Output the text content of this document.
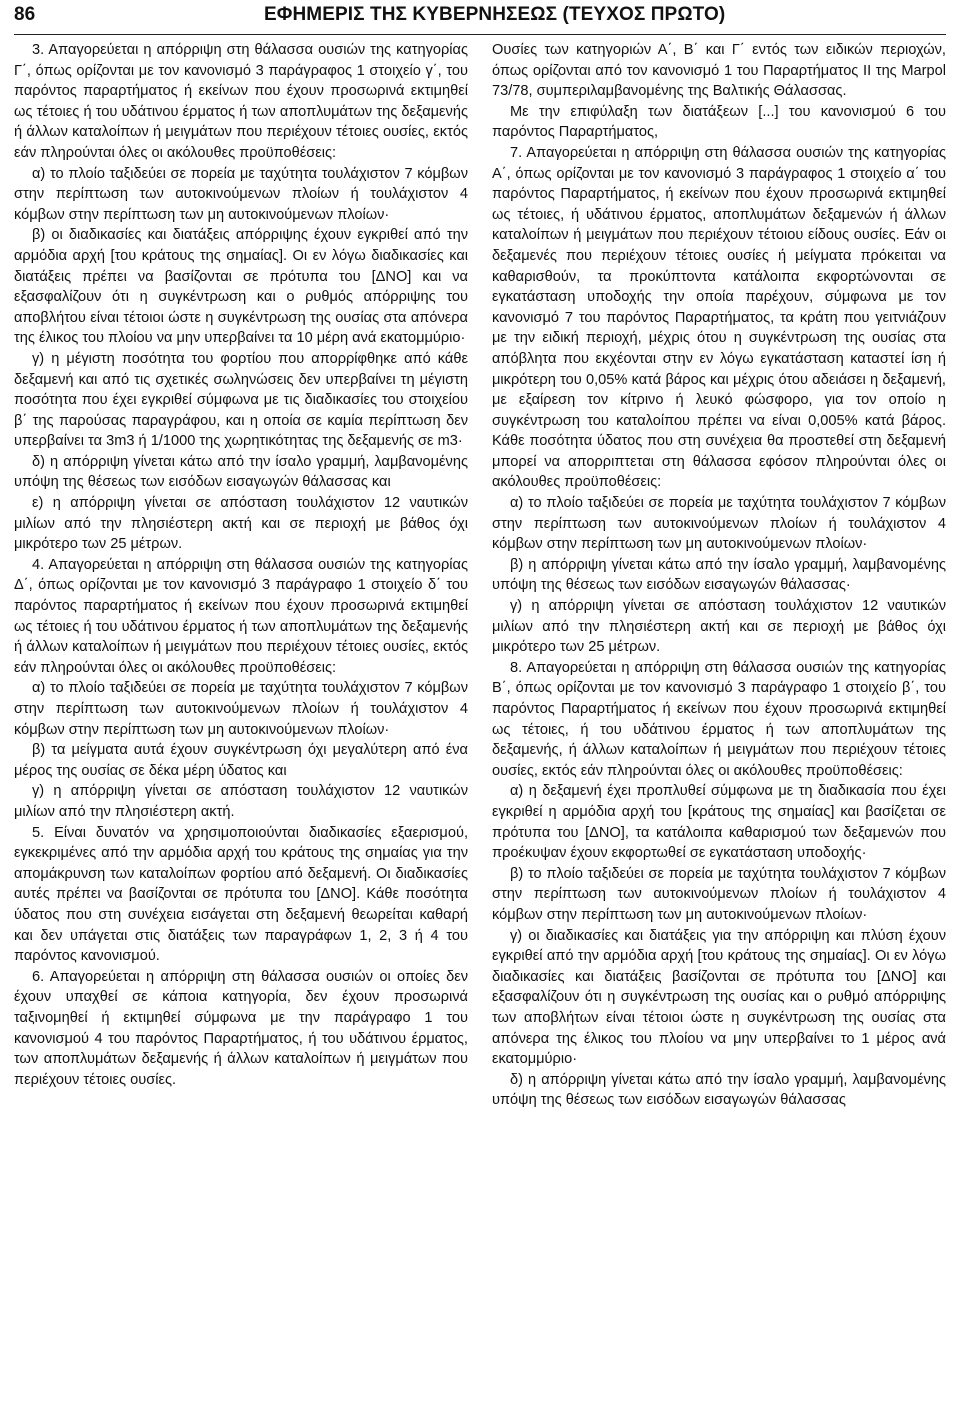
86	ΕΦΗΜΕΡΙΣ ΤΗΣ ΚΥΒΕΡΝΗΣΕΩΣ (ΤΕΥΧΟΣ ΠΡΩΤΟ)

3. Απαγορεύεται η απόρριψη στη θάλασσα ουσιών της κατηγορίας Γ΄, όπως ορίζονται με τον κανονισμό 3 παράγραφος 1 στοιχείο γ΄, του παρόντος παραρτήματος ή εκείνων που έχουν προσωρινά εκτιμηθεί ως τέτοιες ή του υδάτινου έρματος ή των αποπλυμάτων της δεξαμενής ή άλλων καταλοίπων ή μειγμάτων που περιέχουν τέτοιες ουσίες, εκτός εάν πληρούνται όλες οι ακόλουθες προϋποθέσεις:

α) το πλοίο ταξιδεύει σε πορεία με ταχύτητα τουλάχιστον 7 κόμβων στην περίπτωση των αυτοκινούμενων πλοίων ή τουλάχιστον 4 κόμβων στην περίπτωση των μη αυτοκινούμενων πλοίων·

β) οι διαδικασίες και διατάξεις απόρριψης έχουν εγκριθεί από την αρμόδια αρχή [του κράτους της σημαίας]. Οι εν λόγω διαδικασίες και διατάξεις πρέπει να βασίζονται σε πρότυπα του [ΔΝΟ] και να εξασφαλίζουν ότι η συγκέντρωση και ο ρυθμός απόρριψης του αποβλήτου είναι τέτοιοι ώστε η συγκέντρωση της ουσίας στα απόνερα της έλικος του πλοίου να μην υπερβαίνει τα 10 μέρη ανά εκατομμύριο·

γ) η μέγιστη ποσότητα του φορτίου που απορρίφθηκε από κάθε δεξαμενή και από τις σχετικές σωληνώσεις δεν υπερβαίνει τη μέγιστη ποσότητα που έχει εγκριθεί σύμφωνα με τις διαδικασίες του στοιχείου β΄ της παρούσας παραγράφου, και η οποία σε καμία περίπτωση δεν υπερβαίνει τα 3m3 ή 1/1000 της χωρητικότητας της δεξαμενής σε m3·

δ) η απόρριψη γίνεται κάτω από την ίσαλο γραμμή, λαμβανομένης υπόψη της θέσεως των εισόδων εισαγωγών θάλασσας και

ε) η απόρριψη γίνεται σε απόσταση τουλάχιστον 12 ναυτικών μιλίων από την πλησιέστερη ακτή και σε περιοχή με βάθος όχι μικρότερο των 25 μέτρων.

4. Απαγορεύεται η απόρριψη στη θάλασσα ουσιών της κατηγορίας Δ΄, όπως ορίζονται με τον κανονισμό 3 παράγραφο 1 στοιχείο δ΄ του παρόντος παραρτήματος ή εκείνων που έχουν προσωρινά εκτιμηθεί ως τέτοιες ή του υδάτινου έρματος ή των αποπλυμάτων της δεξαμενής ή άλλων καταλοίπων ή μειγμάτων που περιέχουν τέτοιες ουσίες, εκτός εάν πληρούνται όλες οι ακόλουθες προϋποθέσεις:

α) το πλοίο ταξιδεύει σε πορεία με ταχύτητα τουλάχιστον 7 κόμβων στην περίπτωση των αυτοκινούμενων πλοίων ή τουλάχιστον 4 κόμβων στην περίπτωση των μη αυτοκινούμενων πλοίων·

β) τα μείγματα αυτά έχουν συγκέντρωση όχι μεγαλύτερη από ένα μέρος της ουσίας σε δέκα μέρη ύδατος και

γ) η απόρριψη γίνεται σε απόσταση τουλάχιστον 12 ναυτικών μιλίων από την πλησιέστερη ακτή.

5. Είναι δυνατόν να χρησιμοποιούνται διαδικασίες εξαερισμού, εγκεκριμένες από την αρμόδια αρχή του κράτους της σημαίας για την απομάκρυνση των καταλοίπων φορτίου από δεξαμενή. Οι διαδικασίες αυτές πρέπει να βασίζονται σε πρότυπα του [ΔΝΟ]. Κάθε ποσότητα ύδατος που στη συνέχεια εισάγεται στη δεξαμενή θεωρείται καθαρή και δεν υπάγεται στις διατάξεις των παραγράφων 1, 2, 3 ή 4 του παρόντος κανονισμού.

6. Απαγορεύεται η απόρριψη στη θάλασσα ουσιών οι οποίες δεν έχουν υπαχθεί σε κάποια κατηγορία, δεν έχουν προσωρινά ταξινομηθεί ή εκτιμηθεί σύμφωνα με την παράγραφο 1 του κανονισμού 4 του παρόντος Παραρτήματος, ή του υδάτινου έρματος, των αποπλυμάτων δεξαμενής ή άλλων καταλοίπων ή μειγμάτων που περιέχουν τέτοιες ουσίες.

Ουσίες των κατηγοριών Α΄, Β΄ και Γ΄ εντός των ειδικών περιοχών, όπως ορίζονται από τον κανονισμό 1 του Παραρτήματος ΙΙ της Marpol 73/78, συμπεριλαμβανομένης της Βαλτικής Θάλασσας.

Με την επιφύλαξη των διατάξεων [...] του κανονισμού 6 του παρόντος Παραρτήματος,

7. Απαγορεύεται η απόρριψη στη θάλασσα ουσιών της κατηγορίας Α΄, όπως ορίζονται με τον κανονισμό 3 παράγραφος 1 στοιχείο α΄ του παρόντος Παραρτήματος, ή εκείνων που έχουν προσωρινά εκτιμηθεί ως τέτοιες, ή υδάτινου έρματος, αποπλυμάτων δεξαμενών ή άλλων καταλοίπων ή μειγμάτων που περιέχουν τέτοιου είδους ουσίες. Εάν οι δεξαμενές που περιέχουν τέτοιες ουσίες ή μείγματα πρόκειται να καθαρισθούν, τα προκύπτοντα κατάλοιπα εκφορτώνονται σε εγκατάσταση υποδοχής την οποία παρέχουν, σύμφωνα με τον κανονισμό 7 του παρόντος Παραρτήματος, τα κράτη που γειτνιάζουν με την ειδική περιοχή, μέχρις ότου η συγκέντρωση της ουσίας στα απόβλητα που εκχέονται στην εν λόγω εγκατάσταση καταστεί ίση ή μικρότερη του 0,05% κατά βάρος και μέχρις ότου αδειάσει η δεξαμενή, με εξαίρεση τον κίτρινο ή λευκό φώσφορο, για τον οποίο η συγκέντρωση του καταλοίπου πρέπει να είναι 0,005% κατά βάρος. Κάθε ποσότητα ύδατος που στη συνέχεια θα προστεθεί στη δεξαμενή μπορεί να απορριπτεται στη θάλασσα εφόσον πληρούνται όλες οι ακόλουθες προϋποθέσεις:

α) το πλοίο ταξιδεύει σε πορεία με ταχύτητα τουλάχιστον 7 κόμβων στην περίπτωση των αυτοκινούμενων πλοίων ή τουλάχιστον 4 κόμβων στην περίπτωση των μη αυτοκινούμενων πλοίων·

β) η απόρριψη γίνεται κάτω από την ίσαλο γραμμή, λαμβανομένης υπόψη της θέσεως των εισόδων εισαγωγών θάλασσας·

γ) η απόρριψη γίνεται σε απόσταση τουλάχιστον 12 ναυτικών μιλίων από την πλησιέστερη ακτή και σε περιοχή με βάθος όχι μικρότερο των 25 μέτρων.

8. Απαγορεύεται η απόρριψη στη θάλασσα ουσιών της κατηγορίας Β΄, όπως ορίζονται με τον κανονισμό 3 παράγραφο 1 στοιχείο β΄, του παρόντος Παραρτήματος ή εκείνων που έχουν προσωρινά εκτιμηθεί ως τέτοιες, ή του υδάτινου έρματος ή των αποπλυμάτων της δεξαμενής, ή άλλων καταλοίπων ή μειγμάτων που περιέχουν τέτοιες ουσίες, εκτός εάν πληρούνται όλες οι ακόλουθες προϋποθέσεις:

α) η δεξαμενή έχει προπλυθεί σύμφωνα με τη διαδικασία που έχει εγκριθεί η αρμόδια αρχή του [κράτους της σημαίας] και βασίζεται σε πρότυπα του [ΔΝΟ], τα κατάλοιπα καθαρισμού των δεξαμενών που προέκυψαν έχουν εκφορτωθεί σε εγκατάσταση υποδοχής·

β) το πλοίο ταξιδεύει σε πορεία με ταχύτητα τουλάχιστον 7 κόμβων στην περίπτωση των αυτοκινούμενων πλοίων ή τουλάχιστον 4 κόμβων στην περίπτωση των μη αυτοκινούμενων πλοίων·

γ) οι διαδικασίες και διατάξεις για την απόρριψη και πλύση έχουν εγκριθεί από την αρμόδια αρχή [του κράτους της σημαίας]. Οι εν λόγω διαδικασίες και διατάξεις βασίζονται σε πρότυπα του [ΔΝΟ] και εξασφαλίζουν ότι η συγκέντρωση της ουσίας και ο ρυθμό απόρριψης των αποβλήτων είναι τέτοιοι ώστε η συγκέντρωση της ουσίας στα απόνερα της έλικος του πλοίου να μην υπερβαίνει το 1 μέρος ανά εκατομμύριο·

δ) η απόρριψη γίνεται κάτω από την ίσαλο γραμμή, λαμβανομένης υπόψη της θέσεως των εισόδων εισαγωγών θάλασσας
